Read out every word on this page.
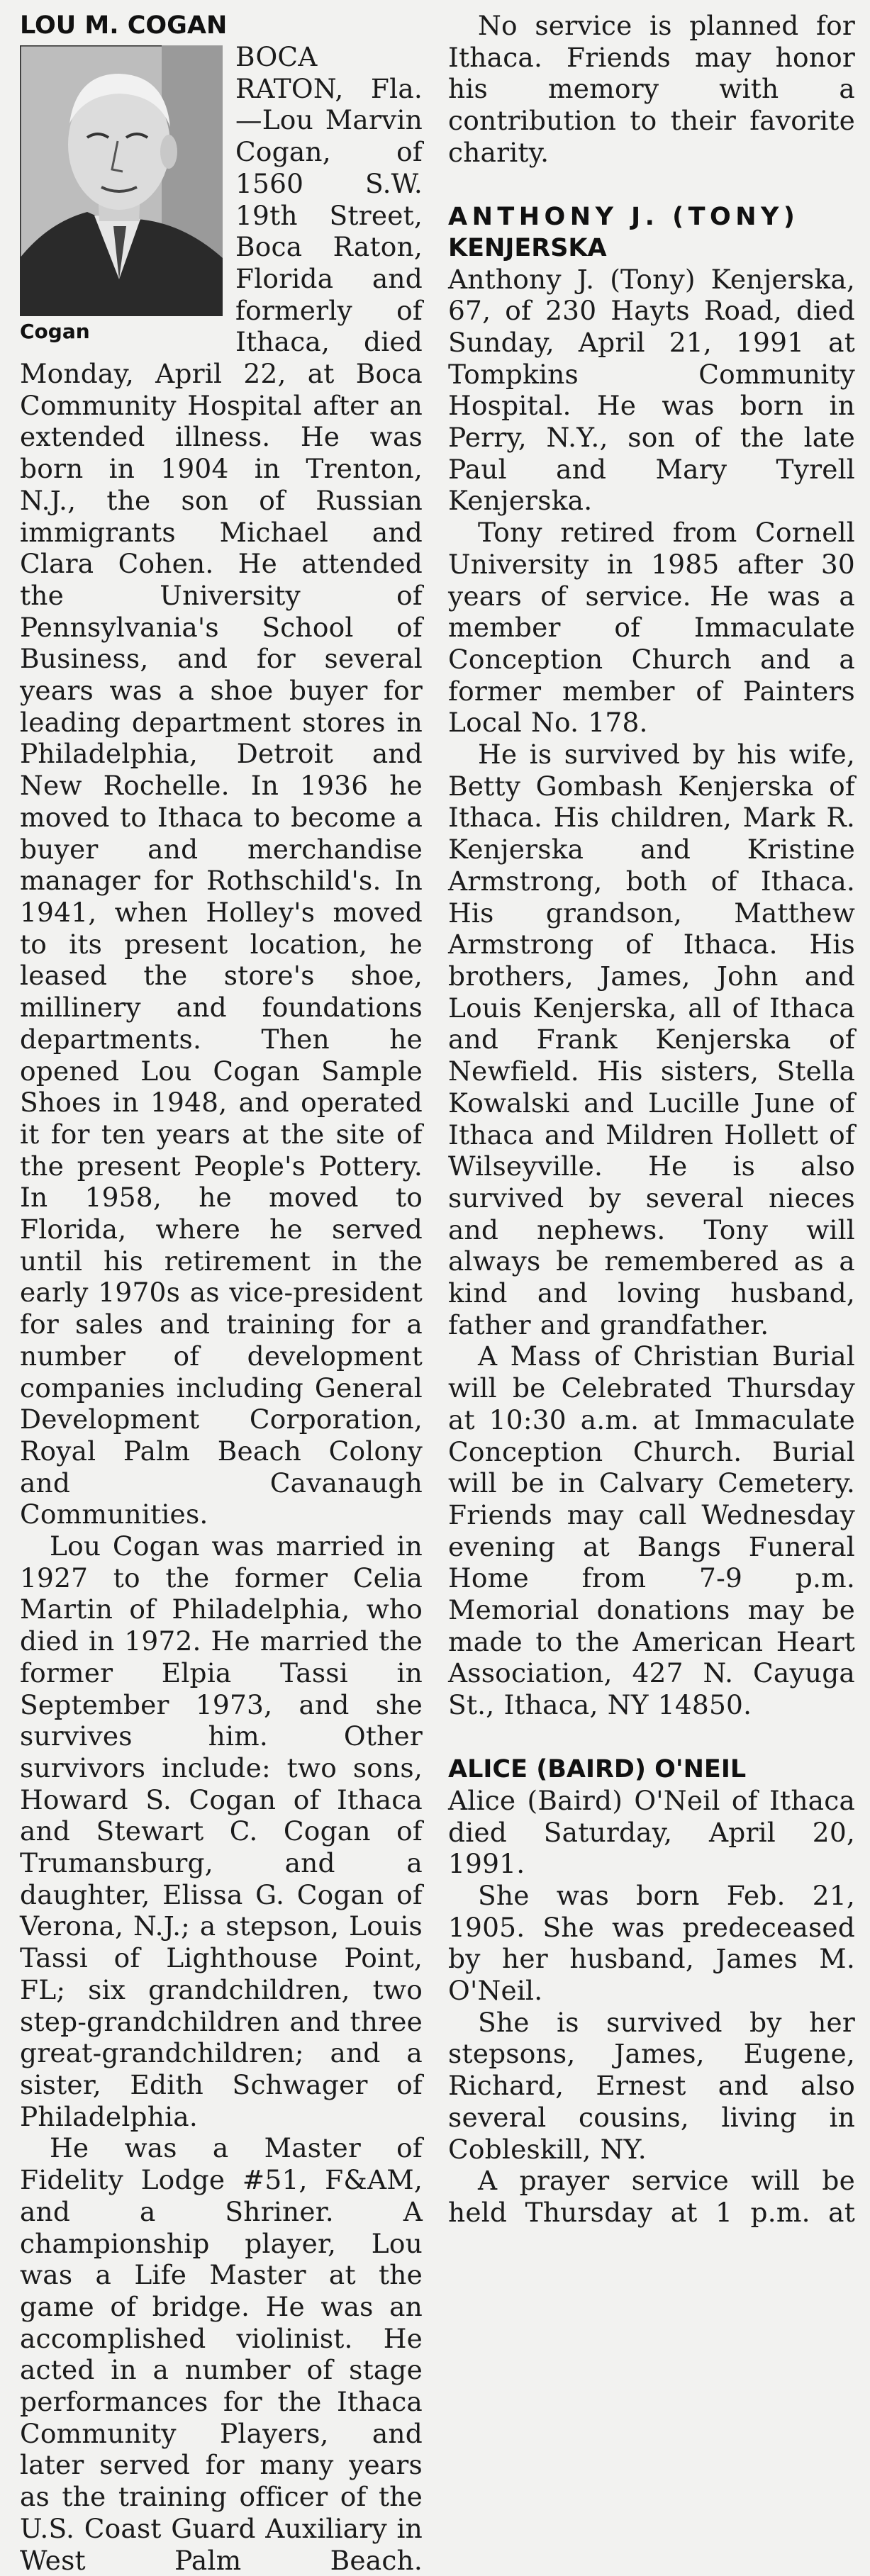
LOU M. COGAN

Cogan

BOCA RATON, Fla.—Lou Marvin Cogan, of 1560 S.W. 19th Street, Boca Raton, Florida and formerly of Ithaca, died Monday, April 22, at Boca Community Hospital after an extended illness. He was born in 1904 in Trenton, N.J., the son of Russian immigrants Michael and Clara Cohen. He attended the University of Pennsylvania's School of Business, and for several years was a shoe buyer for leading department stores in Philadelphia, Detroit and New Rochelle. In 1936 he moved to Ithaca to become a buyer and merchandise manager for Rothschild's. In 1941, when Holley's moved to its present location, he leased the store's shoe, millinery and foundations departments. Then he opened Lou Cogan Sample Shoes in 1948, and operated it for ten years at the site of the present People's Pottery. In 1958, he moved to Florida, where he served until his retirement in the early 1970s as vice-president for sales and training for a number of development companies including General Development Corporation, Royal Palm Beach Colony and Cavanaugh Communities.

Lou Cogan was married in 1927 to the former Celia Martin of Philadelphia, who died in 1972. He married the former Elpia Tassi in September 1973, and she survives him. Other survivors include: two sons, Howard S. Cogan of Ithaca and Stewart C. Cogan of Trumansburg, and a daughter, Elissa G. Cogan of Verona, N.J.; a stepson, Louis Tassi of Lighthouse Point, FL; six grandchildren, two step-grandchildren and three great-grandchildren; and a sister, Edith Schwager of Philadelphia.

He was a Master of Fidelity Lodge #51, F&AM, and a Shriner. A championship player, Lou was a Life Master at the game of bridge. He was an accomplished violinist. He acted in a number of stage performances for the Ithaca Community Players, and later served for many years as the training officer of the U.S. Coast Guard Auxiliary in West Palm Beach.

No service is planned for Ithaca. Friends may honor his memory with a contribution to their favorite charity.

ANTHONY J. (TONY)
KENJERSKA

Anthony J. (Tony) Kenjerska, 67, of 230 Hayts Road, died Sunday, April 21, 1991 at Tompkins Community Hospital. He was born in Perry, N.Y., son of the late Paul and Mary Tyrell Kenjerska.

Tony retired from Cornell University in 1985 after 30 years of service. He was a member of Immaculate Conception Church and a former member of Painters Local No. 178.

He is survived by his wife, Betty Gombash Kenjerska of Ithaca. His children, Mark R. Kenjerska and Kristine Armstrong, both of Ithaca. His grandson, Matthew Armstrong of Ithaca. His brothers, James, John and Louis Kenjerska, all of Ithaca and Frank Kenjerska of Newfield. His sisters, Stella Kowalski and Lucille June of Ithaca and Mildren Hollett of Wilseyville. He is also survived by several nieces and nephews. Tony will always be remembered as a kind and loving husband, father and grandfather.

A Mass of Christian Burial will be Celebrated Thursday at 10:30 a.m. at Immaculate Conception Church. Burial will be in Calvary Cemetery. Friends may call Wednesday evening at Bangs Funeral Home from 7-9 p.m. Memorial donations may be made to the American Heart Association, 427 N. Cayuga St., Ithaca, NY 14850.

ALICE (BAIRD) O'NEIL

Alice (Baird) O'Neil of Ithaca died Saturday, April 20, 1991.

She was born Feb. 21, 1905. She was predeceased by her husband, James M. O'Neil.

She is survived by her stepsons, James, Eugene, Richard, Ernest and also several cousins, living in Cobleskill, NY.

A prayer service will be held Thursday at 1 p.m. at
